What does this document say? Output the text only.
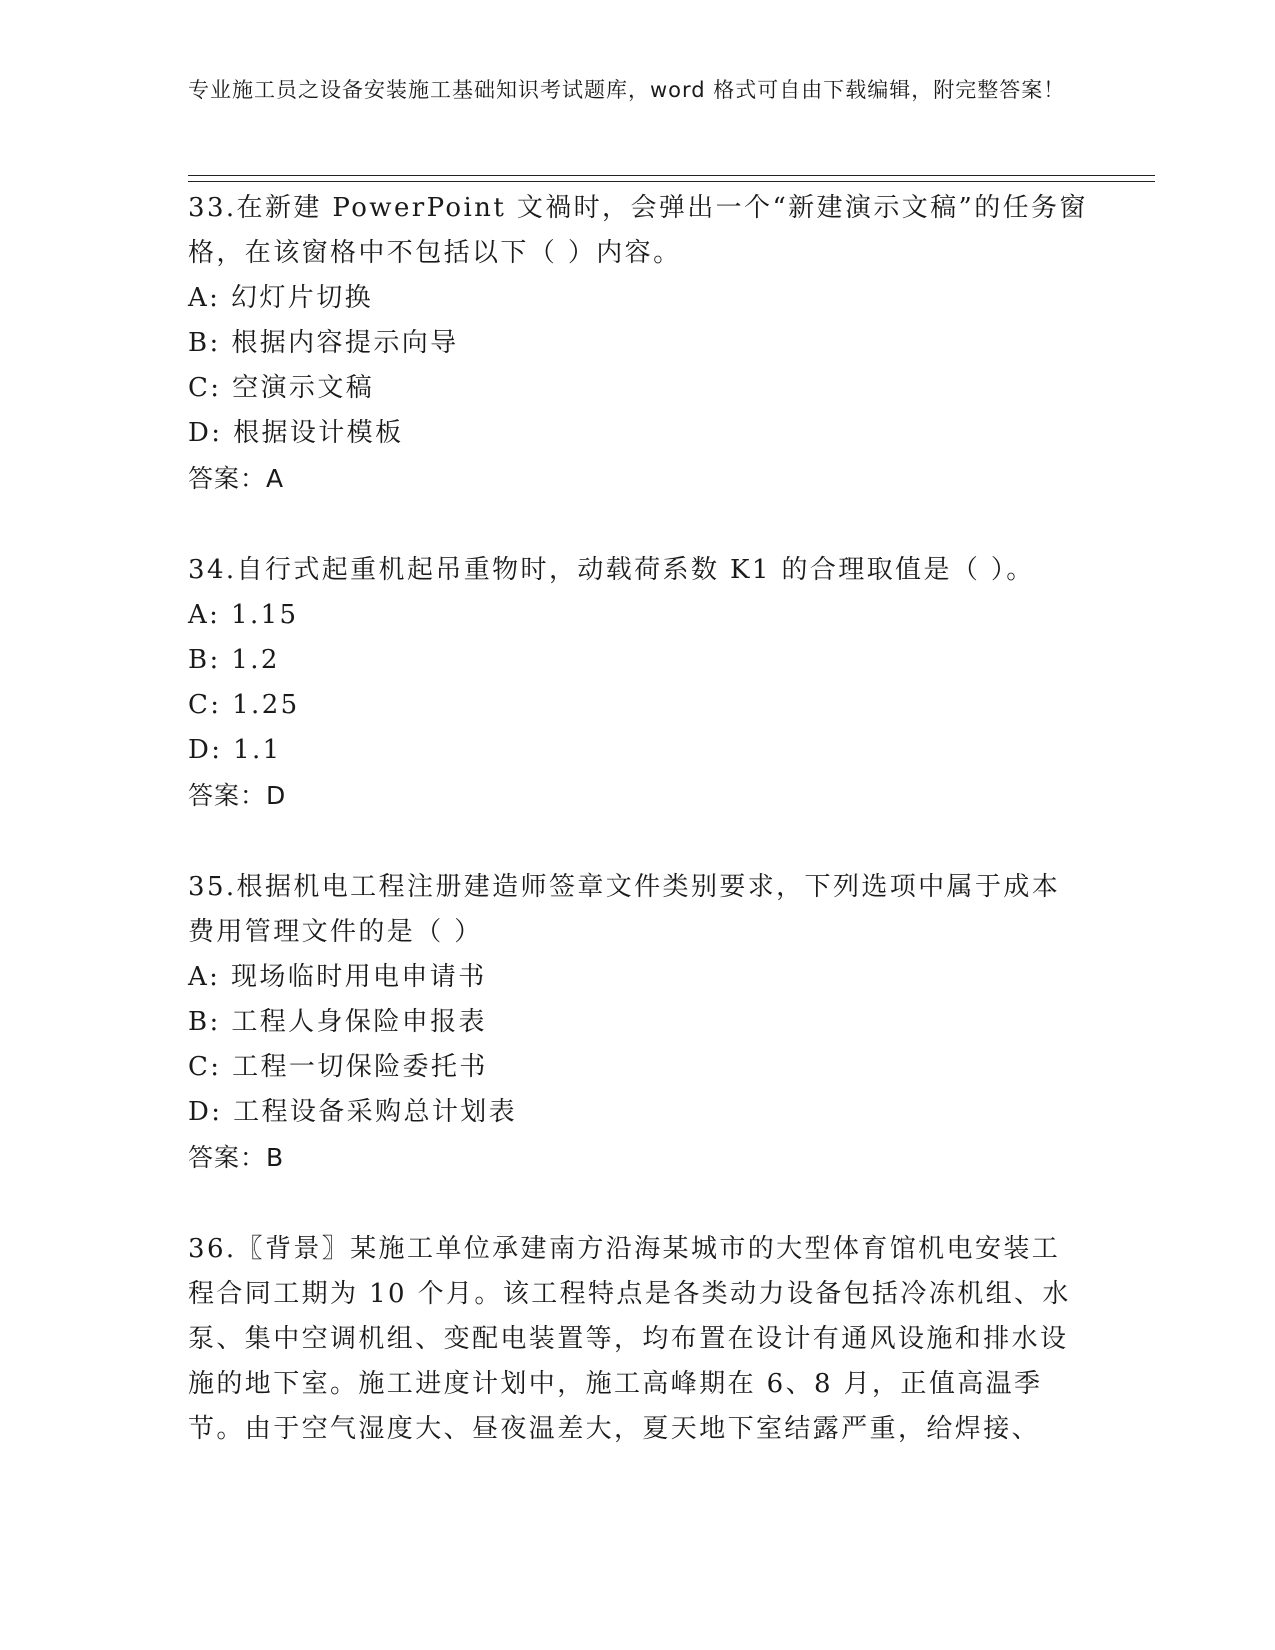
专业施工员之设备安装施工基础知识考试题库，word 格式可自由下载编辑，附完整答案！

33.在新建 PowerPoint 文禍时，会弹出一个“新建演示文稿”的任务窗格，在该窗格中不包括以下（ ）内容。

A: 幻灯片切换

B: 根据内容提示向导

C: 空演示文稿

D: 根据设计模板

答案：A

34.自行式起重机起吊重物时，动载荷系数 K1 的合理取值是（ ）。

A: 1.15

B: 1.2

C: 1.25

D: 1.1

答案：D

35.根据机电工程注册建造师签章文件类别要求，下列选项中属于成本费用管理文件的是（ ）

A: 现场临时用电申请书

B: 工程人身保险申报表

C: 工程一切保险委托书

D: 工程设备采购总计划表

答案：B

36.〖背景〗某施工单位承建南方沿海某城市的大型体育馆机电安装工程合同工期为 10 个月。该工程特点是各类动力设备包括冷冻机组、水泵、集中空调机组、变配电装置等，均布置在设计有通风设施和排水设施的地下室。施工进度计划中，施工高峰期在 6、8 月，正值高温季节。由于空气湿度大、昼夜温差大，夏天地下室结露严重，给焊接、
